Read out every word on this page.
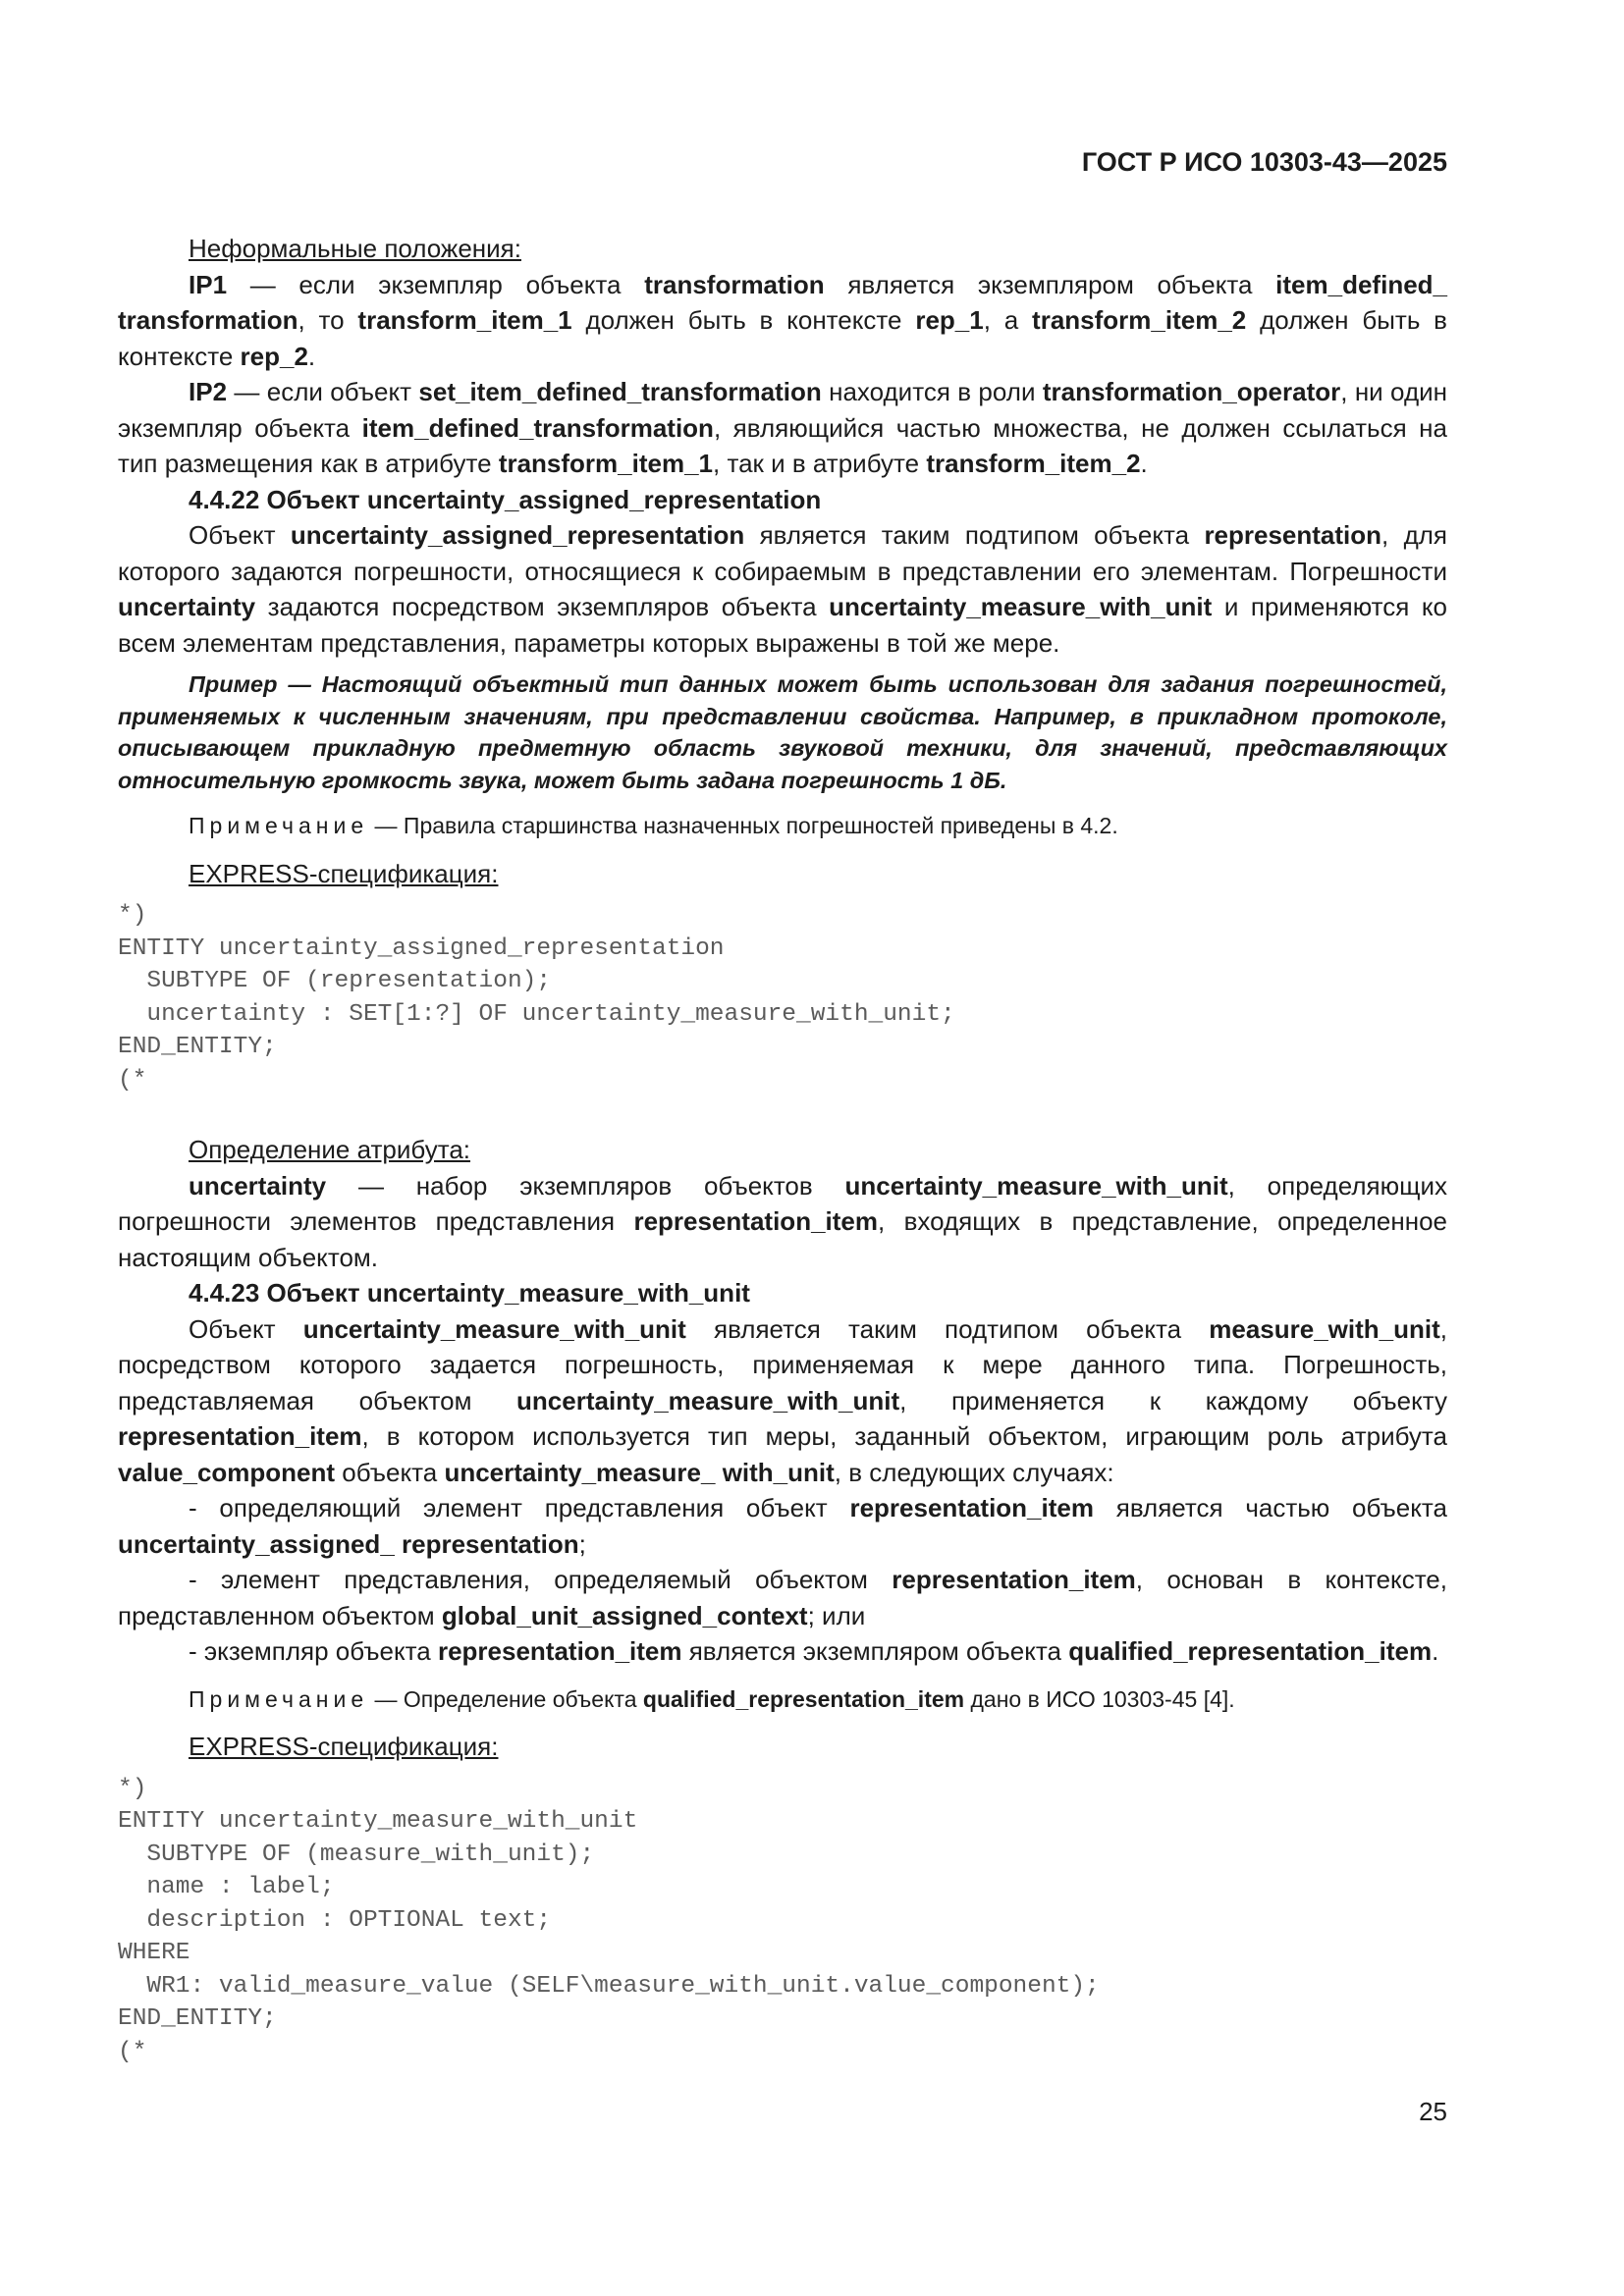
ГОСТ Р ИСО 10303-43—2025

Неформальные положения:

IP1 — если экземпляр объекта transformation является экземпляром объекта item_defined_ transformation, то transform_item_1 должен быть в контексте rep_1, а transform_item_2 должен быть в контексте rep_2.

IP2 — если объект set_item_defined_transformation находится в роли transformation_operator, ни один экземпляр объекта item_defined_transformation, являющийся частью множества, не должен ссылаться на тип размещения как в атрибуте transform_item_1, так и в атрибуте transform_item_2.

4.4.22 Объект uncertainty_assigned_representation

Объект uncertainty_assigned_representation является таким подтипом объекта representation, для которого задаются погрешности, относящиеся к собираемым в представлении его элементам. Погрешности uncertainty задаются посредством экземпляров объекта uncertainty_measure_with_unit и применяются ко всем элементам представления, параметры которых выражены в той же мере.

Пример — Настоящий объектный тип данных может быть использован для задания погрешностей, применяемых к численным значениям, при представлении свойства. Например, в прикладном протоколе, описывающем прикладную предметную область звуковой техники, для значений, представляющих относительную громкость звука, может быть задана погрешность 1 дБ.

Примечание — Правила старшинства назначенных погрешностей приведены в 4.2.

EXPRESS-спецификация:

*)
ENTITY uncertainty_assigned_representation
SUBTYPE OF (representation);
uncertainty : SET[1:?] OF uncertainty_measure_with_unit;
END_ENTITY;
(*

Определение атрибута:

uncertainty — набор экземпляров объектов uncertainty_measure_with_unit, определяющих погрешности элементов представления representation_item, входящих в представление, определенное настоящим объектом.

4.4.23 Объект uncertainty_measure_with_unit

Объект uncertainty_measure_with_unit является таким подтипом объекта measure_with_unit, посредством которого задается погрешность, применяемая к мере данного типа. Погрешность, представляемая объектом uncertainty_measure_with_unit, применяется к каждому объекту representation_item, в котором используется тип меры, заданный объектом, играющим роль атрибута value_component объекта uncertainty_measure_ with_unit, в следующих случаях:

- определяющий элемент представления объект representation_item является частью объекта uncertainty_assigned_ representation;

- элемент представления, определяемый объектом representation_item, основан в контексте, представленном объектом global_unit_assigned_context; или

- экземпляр объекта representation_item является экземпляром объекта qualified_representation_item.

Примечание — Определение объекта qualified_representation_item дано в ИСО 10303-45 [4].

EXPRESS-спецификация:

*)
ENTITY uncertainty_measure_with_unit
SUBTYPE OF (measure_with_unit);
name : label;
description : OPTIONAL text;
WHERE
WR1: valid_measure_value (SELF\measure_with_unit.value_component);
END_ENTITY;
(*
25
